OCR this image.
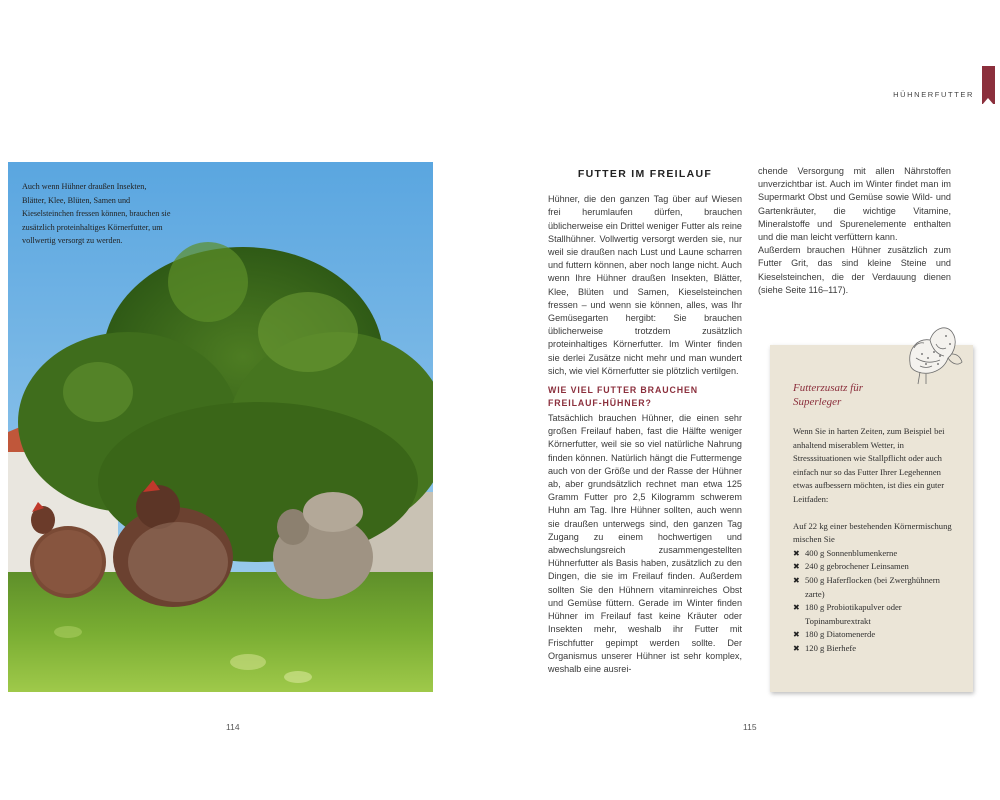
Auch wenn Hühner draußen Insekten, Blätter, Klee, Blüten, Samen und Kieselsteinchen fressen können, brauchen sie zusätzlich proteinhaltiges Körnerfutter, um vollwertig versorgt zu werden.
114
HÜHNERFUTTER
FUTTER IM FREILAUF

Hühner, die den ganzen Tag über auf Wiesen frei herumlaufen dürfen, brauchen üblicherweise ein Drittel weniger Futter als reine Stallhühner. Vollwertig versorgt werden sie, nur weil sie draußen nach Lust und Laune scharren und futtern können, aber noch lange nicht. Auch wenn Ihre Hühner draußen Insekten, Blätter, Klee, Blüten und Samen, Kieselsteinchen fressen – und wenn sie können, alles, was Ihr Gemüsegarten hergibt: Sie brauchen üblicherweise trotzdem zusätzlich proteinhaltiges Körnerfutter. Im Winter finden sie derlei Zusätze nicht mehr und man wundert sich, wie viel Körnerfutter sie plötzlich vertilgen.

WIE VIEL FUTTER BRAUCHEN FREILAUF-HÜHNER?

Tatsächlich brauchen Hühner, die einen sehr großen Freilauf haben, fast die Hälfte weniger Körnerfutter, weil sie so viel natürliche Nahrung finden können. Natürlich hängt die Futtermenge auch von der Größe und der Rasse der Hühner ab, aber grundsätzlich rechnet man etwa 125 Gramm Futter pro 2,5 Kilogramm schwerem Huhn am Tag. Ihre Hühner sollten, auch wenn sie draußen unterwegs sind, den ganzen Tag Zugang zu einem hochwertigen und abwechslungsreich zusammengestellten Hühnerfutter als Basis haben, zusätzlich zu den Dingen, die sie im Freilauf finden. Außerdem sollten Sie den Hühnern vitaminreiches Obst und Gemüse füttern. Gerade im Winter finden Hühner im Freilauf fast keine Kräuter oder Insekten mehr, weshalb ihr Futter mit Frischfutter gepimpt werden sollte. Der Organismus unserer Hühner ist sehr komplex, weshalb eine ausrei-

chende Versorgung mit allen Nährstoffen unverzichtbar ist. Auch im Winter findet man im Supermarkt Obst und Gemüse sowie Wild- und Gartenkräuter, die wichtige Vitamine, Mineralstoffe und Spurenelemente enthalten und die man leicht verfüttern kann.

Außerdem brauchen Hühner zusätzlich zum Futter Grit, das sind kleine Steine und Kieselsteinchen, die der Verdauung dienen (siehe Seite 116–117).

Futterzusatz für Superleger

Wenn Sie in harten Zeiten, zum Beispiel bei anhaltend miserablem Wetter, in Stresssituationen wie Stallpflicht oder auch einfach nur so das Futter Ihrer Legehennen etwas aufbessern möchten, ist dies ein guter Leitfaden:

Auf 22 kg einer bestehenden Körnermischung mischen Sie
✖ 400 g Sonnenblumenkerne
✖ 240 g gebrochener Leinsamen
✖ 500 g Haferflocken (bei Zwerghühnern zarte)
✖ 180 g Probiotikapulver oder Topinamburextrakt
✖ 180 g Diatomenerde
✖ 120 g Bierhefe
115
